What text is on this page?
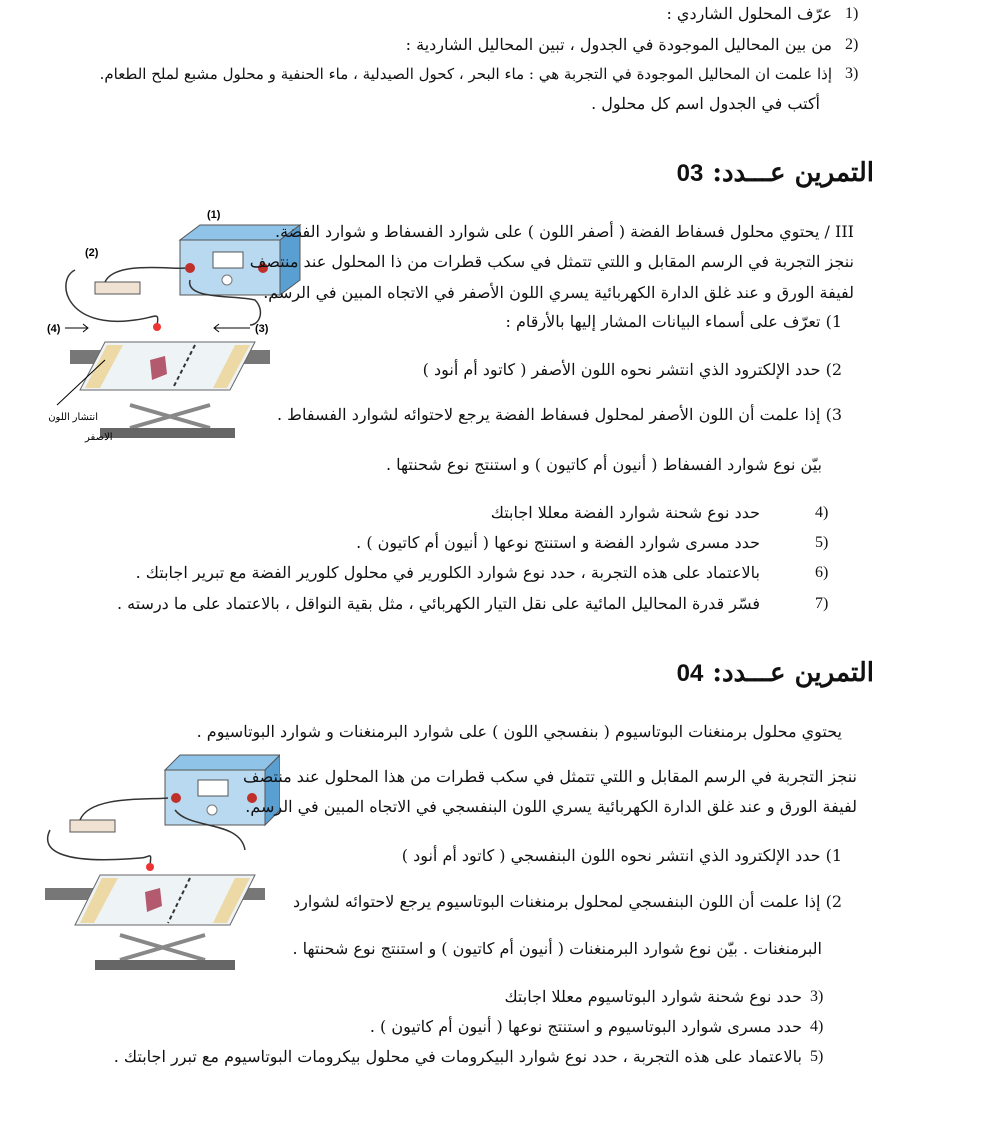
1)
عرّف المحلول الشاردي :
2)
من بين المحاليل الموجودة في الجدول ، تبين المحاليل الشاردية :
3)
إذا علمت ان المحاليل الموجودة في التجربة هي : ماء البحر ، كحول الصيدلية ، ماء الحنفية و محلول مشبع لملح الطعام.
أكتب في الجدول اسم كل محلول .
التمرين عـــدد: 03
(1)
(2)
(3)
(4)
انتشار اللون
الاصفر
III / يحتوي محلول فسفاط الفضة ( أصفر اللون ) على شوارد الفسفاط و شوارد الفضة.
ننجز التجربة في الرسم المقابل و اللتي تتمثل في سكب قطرات من ذا المحلول عند منتصف
لفيفة الورق و عند غلق الدارة الكهربائية يسري اللون الأصفر في الاتجاه المبين في الرسم.
1) تعرّف على أسماء البيانات المشار إليها بالأرقام :
2) حدد الإلكترود الذي انتشر نحوه اللون الأصفر ( كاتود أم أنود )
3) إذا علمت أن اللون الأصفر لمحلول فسفاط الفضة يرجع لاحتوائه لشوارد الفسفاط .
بيّن نوع شوارد الفسفاط ( أنيون أم كاتيون ) و استنتج نوع شحنتها .
4)
حدد نوع شحنة شوارد الفضة معللا اجابتك
5)
حدد مسرى شوارد الفضة و استنتج نوعها ( أنيون أم كاتيون ) .
6)
بالاعتماد على هذه التجربة ، حدد نوع شوارد الكلورير في محلول كلورير الفضة مع تبرير اجابتك .
7)
فسّر قدرة المحاليل المائية على نقل التيار الكهربائي ، مثل بقية النواقل ، بالاعتماد على ما درسته .
التمرين عـــدد: 04
يحتوي محلول برمنغنات البوتاسيوم ( بنفسجي اللون ) على شوارد البرمنغنات و شوارد البوتاسيوم .
ننجز التجربة في الرسم المقابل و اللتي تتمثل في سكب قطرات من هذا المحلول عند منتصف
لفيفة الورق و عند غلق الدارة الكهربائية يسري اللون البنفسجي في الاتجاه المبين في الرسم.
1) حدد الإلكترود الذي انتشر نحوه اللون البنفسجي ( كاتود أم أنود )
2) إذا علمت أن اللون البنفسجي لمحلول برمنغنات البوتاسيوم يرجع لاحتوائه لشوارد
البرمنغنات . بيّن نوع شوارد البرمنغنات ( أنيون أم كاتيون ) و استنتج نوع شحنتها .
3)
حدد نوع شحنة شوارد البوتاسيوم معللا اجابتك
4)
حدد مسرى شوارد البوتاسيوم و استنتج نوعها ( أنيون أم كاتيون ) .
5)
بالاعتماد على هذه التجربة ، حدد نوع شوارد البيكرومات في محلول بيكرومات البوتاسيوم مع تبرر اجابتك .
